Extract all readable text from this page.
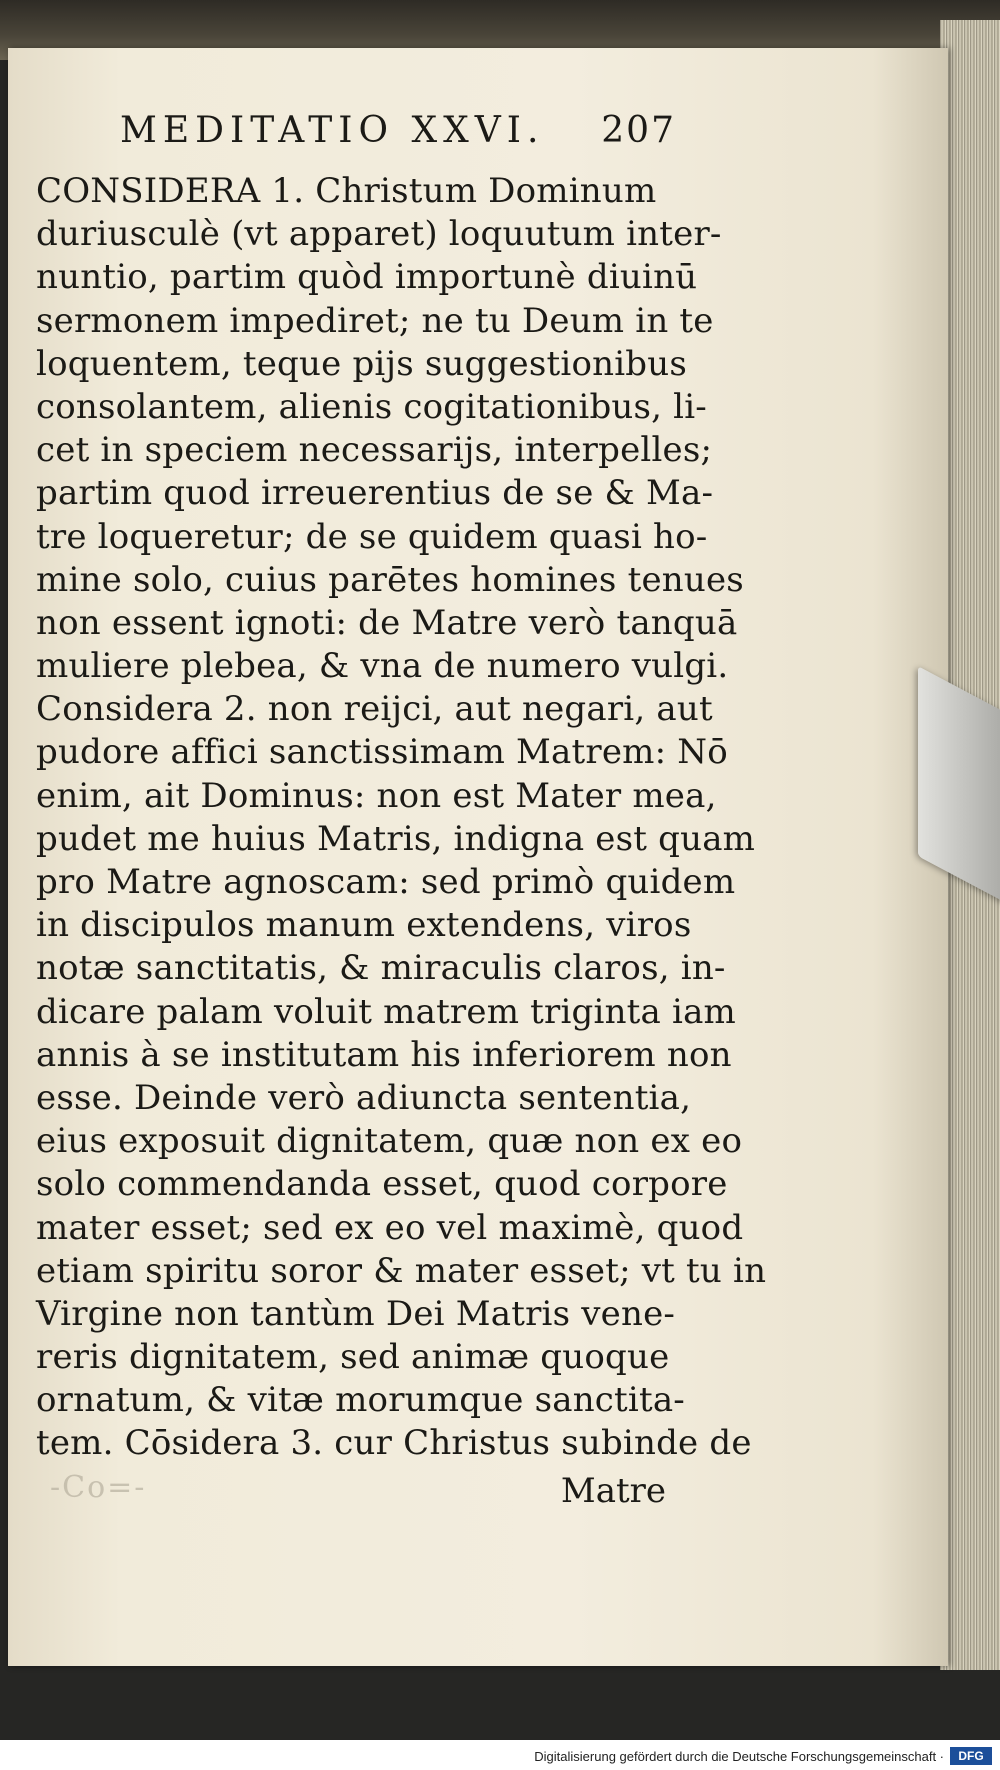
MEDITATIO XXVI. 207
CONSIDERA 1. Christum Dominum
duriusculè (vt apparet) loquutum inter-
nuntio, partim quòd importunè diuinū
sermonem impediret; ne tu Deum in te
loquentem, teque pijs suggestionibus
consolantem, alienis cogitationibus, li-
cet in speciem necessarijs, interpelles;
partim quod irreuerentius de se & Ma-
tre loqueretur; de se quidem quasi ho-
mine solo, cuius parētes homines tenues
non essent ignoti: de Matre verò tanquā
muliere plebea, & vna de numero vulgi.
Considera 2. non reijci, aut negari, aut
pudore affici sanctissimam Matrem: Nō
enim, ait Dominus: non est Mater mea,
pudet me huius Matris, indigna est quam
pro Matre agnoscam: sed primò quidem
in discipulos manum extendens, viros
notæ sanctitatis, & miraculis claros, in-
dicare palam voluit matrem triginta iam
annis à se institutam his inferiorem non
esse. Deinde verò adiuncta sententia,
eius exposuit dignitatem, quæ non ex eo
solo commendanda esset, quod corpore
mater esset; sed ex eo vel maximè, quod
etiam spiritu soror & mater esset; vt tu in
Virgine non tantùm Dei Matris vene-
reris dignitatem, sed animæ quoque
ornatum, & vitæ morumque sanctita-
tem. Cōsidera 3. cur Christus subinde de
Matre
-Co=-
Digitalisierung gefördert durch die Deutsche Forschungsgemeinschaft ·	DFG
